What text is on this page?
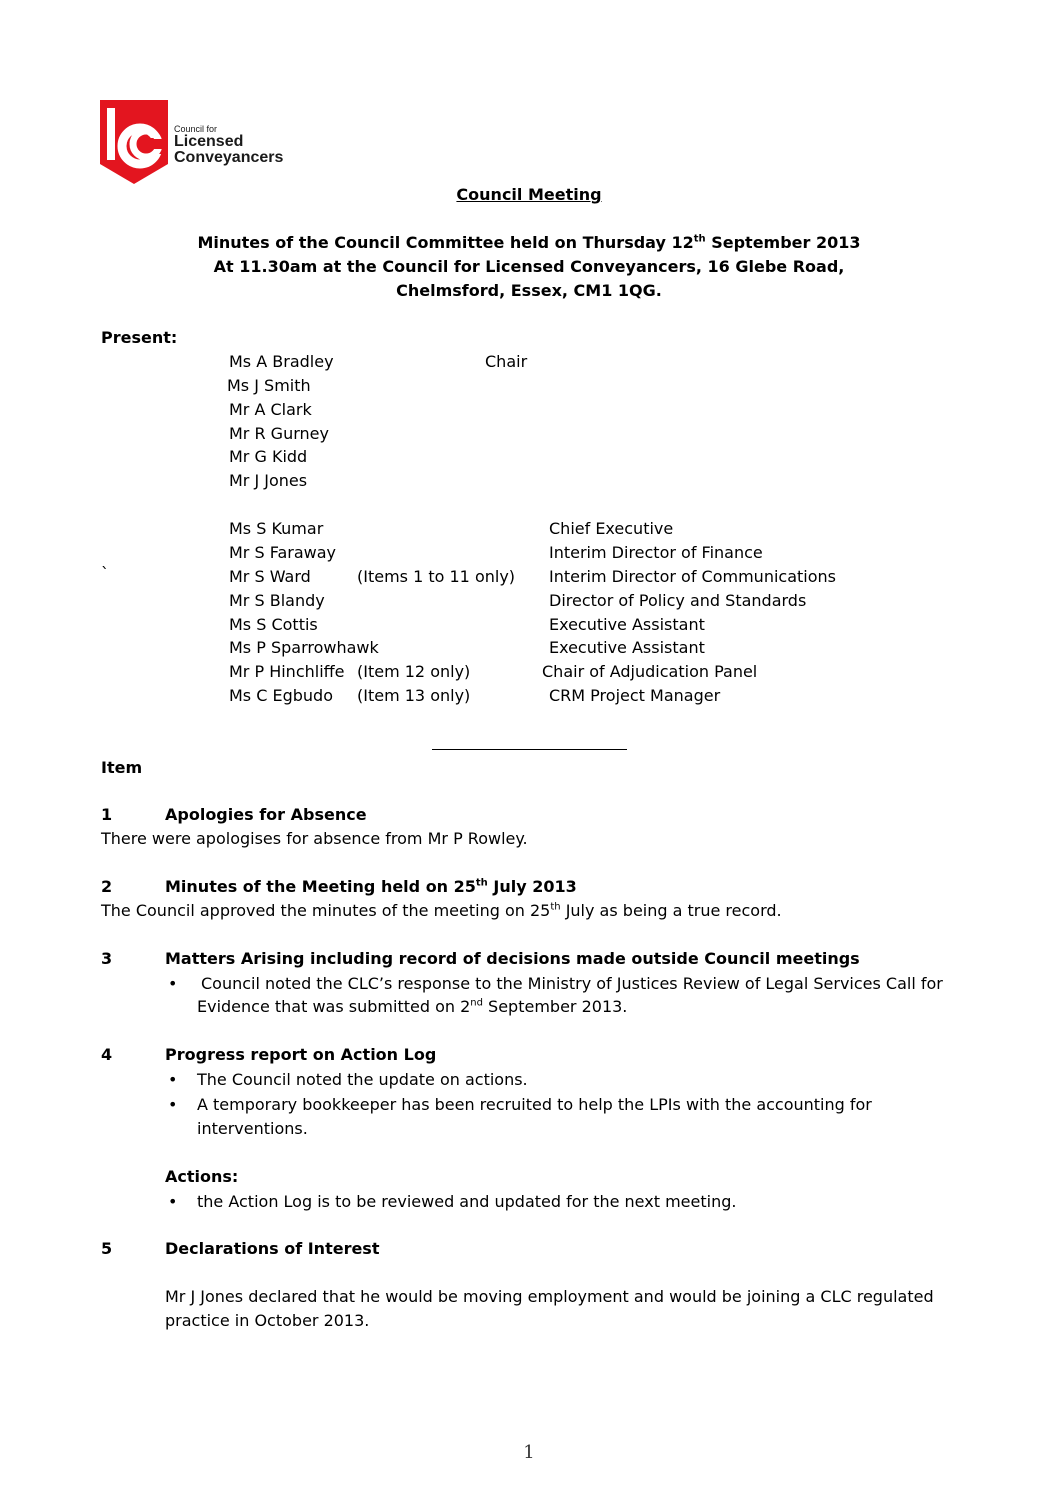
Council for
Licensed
Conveyancers
Council Meeting
Minutes of the Council Committee held on Thursday 12th September 2013
At 11.30am at the Council for Licensed Conveyancers, 16 Glebe Road,
Chelmsford, Essex, CM1 1QG.
Present:
Ms A Bradley	Chair
Ms J Smith
Mr A Clark
Mr R Gurney
Mr G Kidd
Mr J Jones
Ms S Kumar	Chief Executive
Mr S Faraway	Interim Director of Finance
`	Mr S Ward	(Items 1 to 11 only) Interim Director of Communications
Mr S Blandy	Director of Policy and Standards
Ms S Cottis	Executive Assistant
Ms P Sparrowhawk	Executive Assistant
Mr P Hinchliffe (Item 12 only)	Chair of Adjudication Panel
Ms C Egbudo (Item 13 only)	CRM Project Manager
Item
1	Apologies for Absence
There were apologises for absence from Mr P Rowley.
2	Minutes of the Meeting held on 25th July 2013
The Council approved the minutes of the meeting on 25th July as being a true record.
3	Matters Arising including record of decisions made outside Council meetings
• Council noted the CLC’s response to the Ministry of Justices Review of Legal Services Call for
Evidence that was submitted on 2nd September 2013.
4	Progress report on Action Log
• The Council noted the update on actions.
• A temporary bookkeeper has been recruited to help the LPIs with the accounting for
interventions.
Actions:
• the Action Log is to be reviewed and updated for the next meeting.
5	Declarations of Interest
Mr J Jones declared that he would be moving employment and would be joining a CLC regulated
practice in October 2013.
1
